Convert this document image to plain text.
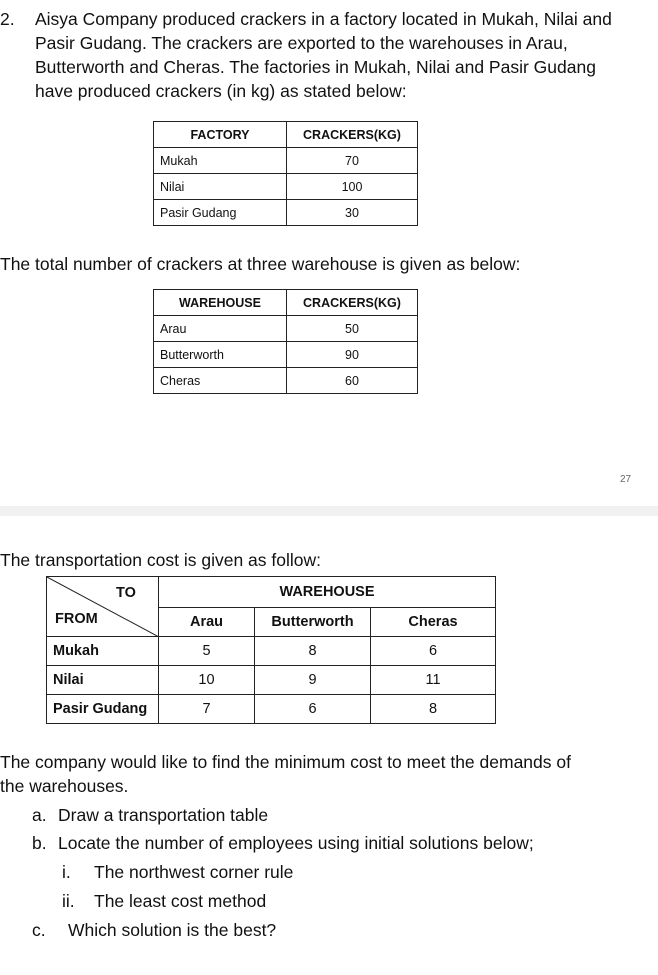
2. Aisya Company produced crackers in a factory located in Mukah, Nilai and
Pasir Gudang. The crackers are exported to the warehouses in Arau,
Butterworth and Cheras. The factories in Mukah, Nilai and Pasir Gudang
have produced crackers (in kg) as stated below:
FACTORY	CRACKERS(KG)
Mukah	70
Nilai	100
Pasir Gudang	30
The total number of crackers at three warehouse is given as below:
WAREHOUSE	CRACKERS(KG)
Arau	50
Butterworth	90
Cheras	60
27
The transportation cost is given as follow:
TO
FROM	WAREHOUSE		
	Arau	Butterworth	Cheras
Mukah	5	8	6
Nilai	10	9	11
Pasir Gudang	7	6	8
The company would like to find the minimum cost to meet the demands of
the warehouses.
a. Draw a transportation table
b. Locate the number of employees using initial solutions below;
i. The northwest corner rule
ii. The least cost method
c. Which solution is the best?
